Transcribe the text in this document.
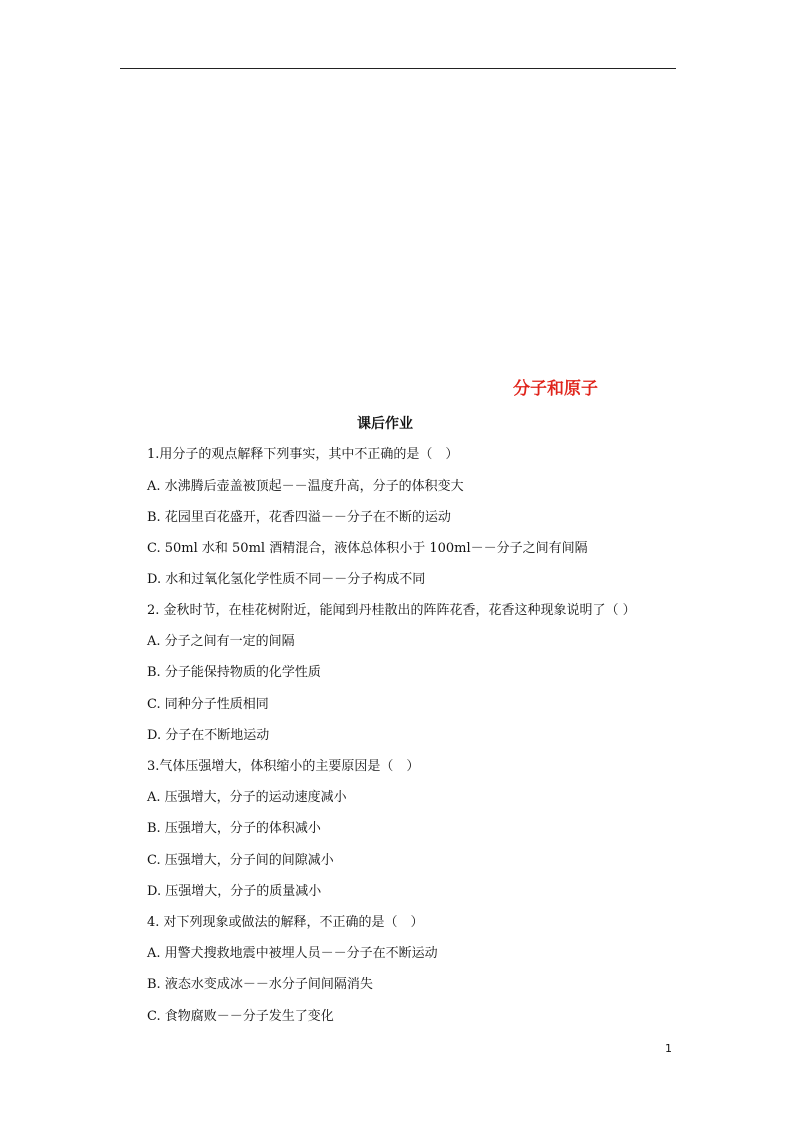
分子和原子
课后作业
1.用分子的观点解释下列事实，其中不正确的是（　）
A. 水沸腾后壶盖被顶起－－温度升高，分子的体积变大
B. 花园里百花盛开，花香四溢－－分子在不断的运动
C. 50ml 水和 50ml 酒精混合，液体总体积小于 100ml－－分子之间有间隔
D. 水和过氧化氢化学性质不同－－分子构成不同
2. 金秋时节，在桂花树附近，能闻到丹桂散出的阵阵花香，花香这种现象说明了（ ）
A. 分子之间有一定的间隔
B. 分子能保持物质的化学性质
C. 同种分子性质相同
D. 分子在不断地运动
3.气体压强增大，体积缩小的主要原因是（　）
A. 压强增大，分子的运动速度减小
B. 压强增大，分子的体积减小
C. 压强增大，分子间的间隙减小
D. 压强增大，分子的质量减小
4. 对下列现象或做法的解释，不正确的是（　）
A. 用警犬搜救地震中被埋人员－－分子在不断运动
B. 液态水变成冰－－水分子间间隔消失
C. 食物腐败－－分子发生了变化
1
